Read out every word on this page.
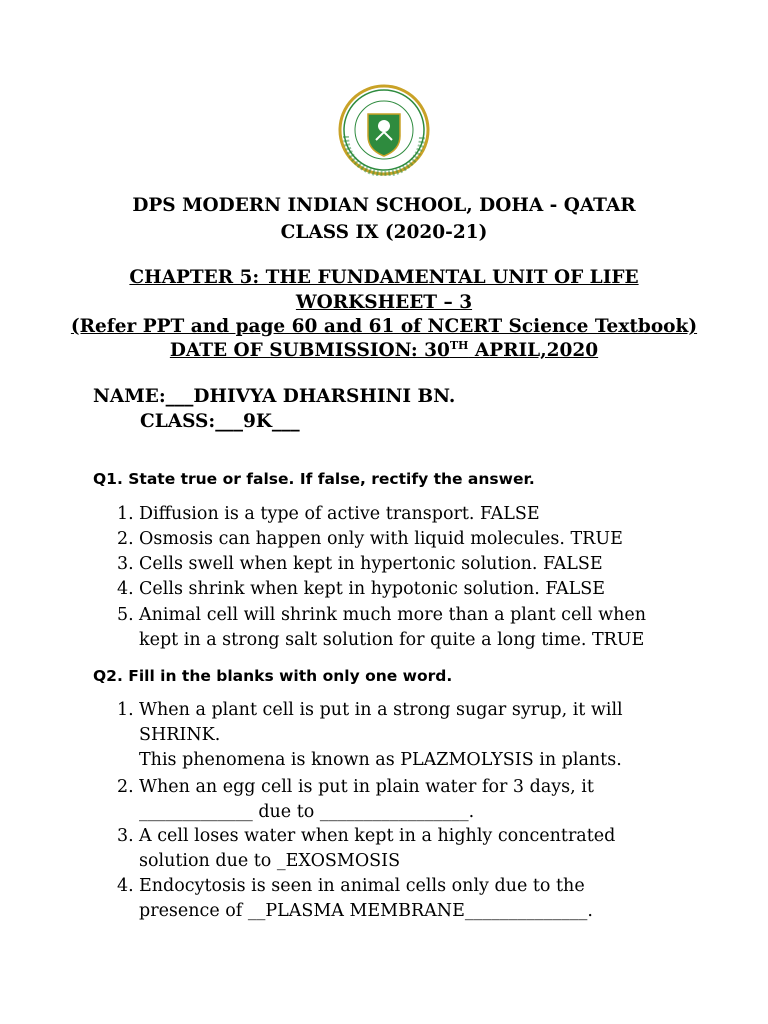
DPS MODERN INDIAN SCHOOL, DOHA - QATAR
CLASS IX (2020-21)
CHAPTER 5: THE FUNDAMENTAL UNIT OF LIFE
WORKSHEET – 3
(Refer PPT and page 60 and 61 of NCERT Science Textbook)
DATE OF SUBMISSION: 30TH APRIL,2020
NAME:___DHIVYA DHARSHINI BN.
CLASS:___9K___
Q1. State true or false. If false, rectify the answer.
1. Diffusion is a type of active transport. FALSE
2. Osmosis can happen only with liquid molecules. TRUE
3. Cells swell when kept in hypertonic solution. FALSE
4. Cells shrink when kept in hypotonic solution. FALSE
5. Animal cell will shrink much more than a plant cell when
kept in a strong salt solution for quite a long time. TRUE
Q2. Fill in the blanks with only one word.
1. When a plant cell is put in a strong sugar syrup, it will
SHRINK.
This phenomena is known as PLAZMOLYSIS in plants.
2. When an egg cell is put in plain water for 3 days, it
_____________ due to _________________.
3. A cell loses water when kept in a highly concentrated
solution due to _EXOSMOSIS
4. Endocytosis is seen in animal cells only due to the
presence of __PLASMA MEMBRANE______________.
